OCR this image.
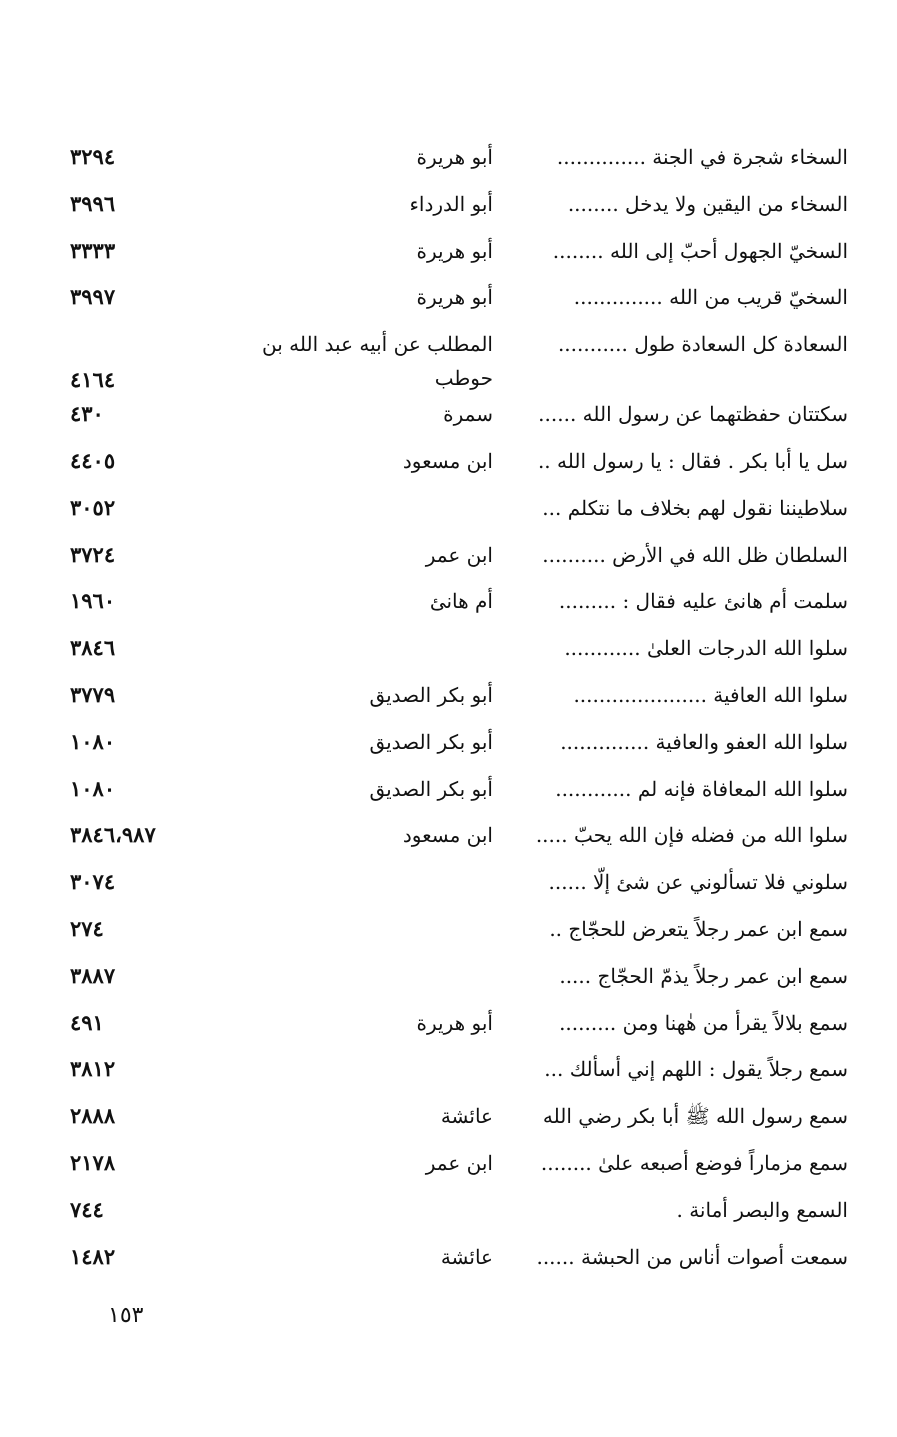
السخاء شجرة في الجنة ..............
أبو هريرة
٣٢٩٤
السخاء من اليقين ولا يدخل ........
أبو الدرداء
٣٩٩٦
السخيّ الجهول أحبّ إلى الله ........
أبو هريرة
٣٣٣٣
السخيّ قريب من الله ..............
أبو هريرة
٣٩٩٧
السعادة كل السعادة طول ...........
المطلب عن أبيه عبد الله بن حوطب
٤١٦٤
سكتتان حفظتهما عن رسول الله ......
سمرة
٤٣٠
سل يا أبا بكر . فقال : يا رسول الله ..
ابن مسعود
٤٤٠٥
سلاطيننا نقول لهم بخلاف ما نتكلم ...
٣٠٥٢
السلطان ظل الله في الأرض ..........
ابن عمر
٣٧٢٤
سلمت أم هانئ عليه فقال : .........
أم هانئ
١٩٦٠
سلوا الله الدرجات العلىٰ ............
٣٨٤٦
سلوا الله العافية .....................
أبو بكر الصديق
٣٧٧٩
سلوا الله العفو والعافية ..............
أبو بكر الصديق
١٠٨٠
سلوا الله المعافاة فإنه لم ............
أبو بكر الصديق
١٠٨٠
سلوا الله من فضله فإن الله يحبّ .....
ابن مسعود
٣٨٤٦،٩٨٧
سلوني فلا تسألوني عن شئ إلّا ......
٣٠٧٤
سمع ابن عمر رجلاً يتعرض للحجّاج ..
٢٧٤
سمع ابن عمر رجلاً يذمّ الحجّاج .....
٣٨٨٧
سمع بلالاً يقرأ من هٰهنا ومن .........
أبو هريرة
٤٩١
سمع رجلاً يقول : اللهم إني أسألك ...
٣٨١٢
سمع رسول الله ﷺ أبا بكر رضي الله
عائشة
٢٨٨٨
سمع مزماراً فوضع أصبعه علىٰ ........
ابن عمر
٢١٧٨
السمع والبصر أمانة .
٧٤٤
سمعت أصوات أناس من الحبشة ......
عائشة
١٤٨٢
١٥٣
